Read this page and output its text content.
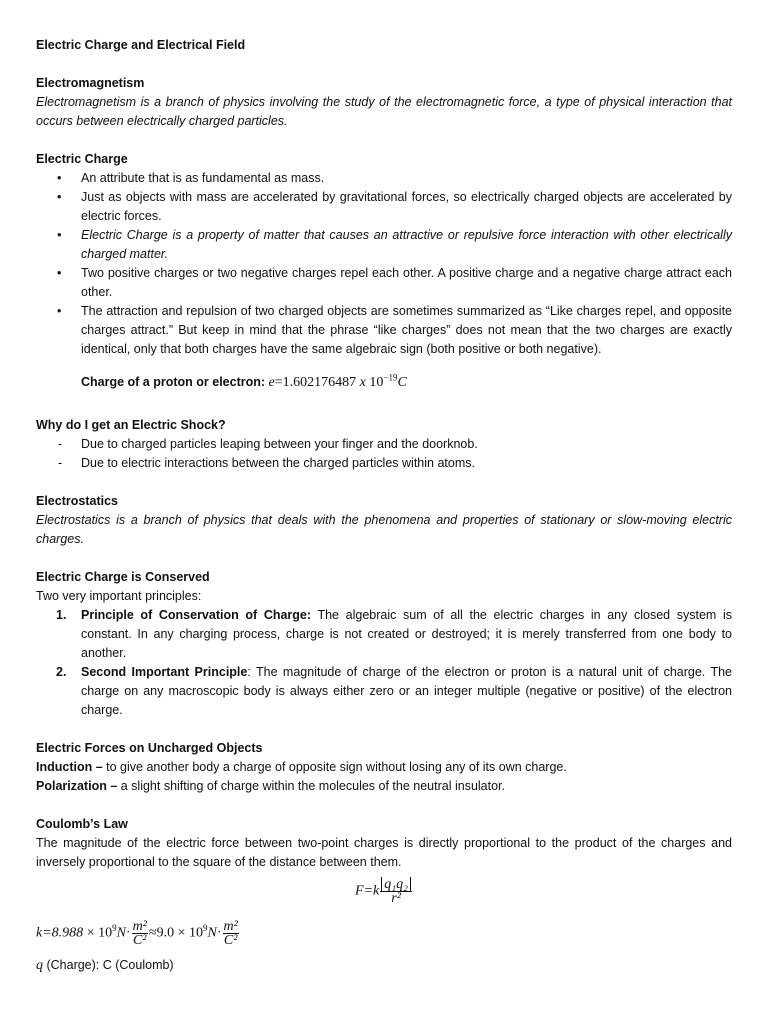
Electric Charge and Electrical Field
Electromagnetism
Electromagnetism is a branch of physics involving the study of the electromagnetic force, a type of physical interaction that occurs between electrically charged particles.
Electric Charge
• An attribute that is as fundamental as mass.
• Just as objects with mass are accelerated by gravitational forces, so electrically charged objects are accelerated by electric forces.
• Electric Charge is a property of matter that causes an attractive or repulsive force interaction with other electrically charged matter.
• Two positive charges or two negative charges repel each other. A positive charge and a negative charge attract each other.
• The attraction and repulsion of two charged objects are sometimes summarized as “Like charges repel, and opposite charges attract.” But keep in mind that the phrase “like charges” does not mean that the two charges are exactly identical, only that both charges have the same algebraic sign (both positive or both negative).
Charge of a proton or electron: e=1.602176487 x $10^{-19}C$
Why do I get an Electric Shock?
- Due to charged particles leaping between your finger and the doorknob.
- Due to electric interactions between the charged particles within atoms.
Electrostatics
Electrostatics is a branch of physics that deals with the phenomena and properties of stationary or slow-moving electric charges.
Electric Charge is Conserved
Two very important principles:
1. Principle of Conservation of Charge: The algebraic sum of all the electric charges in any closed system is constant. In any charging process, charge is not created or destroyed; it is merely transferred from one body to another.
2. Second Important Principle: The magnitude of charge of the electron or proton is a natural unit of charge. The charge on any macroscopic body is always either zero or an integer multiple (negative or positive) of the electron charge.
Electric Forces on Uncharged Objects
Induction – to give another body a charge of opposite sign without losing any of its own charge.
Polarization – a slight shifting of charge within the molecules of the neutral insulator.
Coulomb’s Law
The magnitude of the electric force between two-point charges is directly proportional to the product of the charges and inversely proportional to the square of the distance between them.
$F=k \frac{\text{q₁q₂}}{\text{r²}}$
$k=8.988 \times 10^9N\cdot \frac{\text{m²}}{\text{C²}} \approx 9.0 \times 10^9N\cdot \frac{\text{m²}}{\text{C²}}$
q (Charge): C (Coulomb)
